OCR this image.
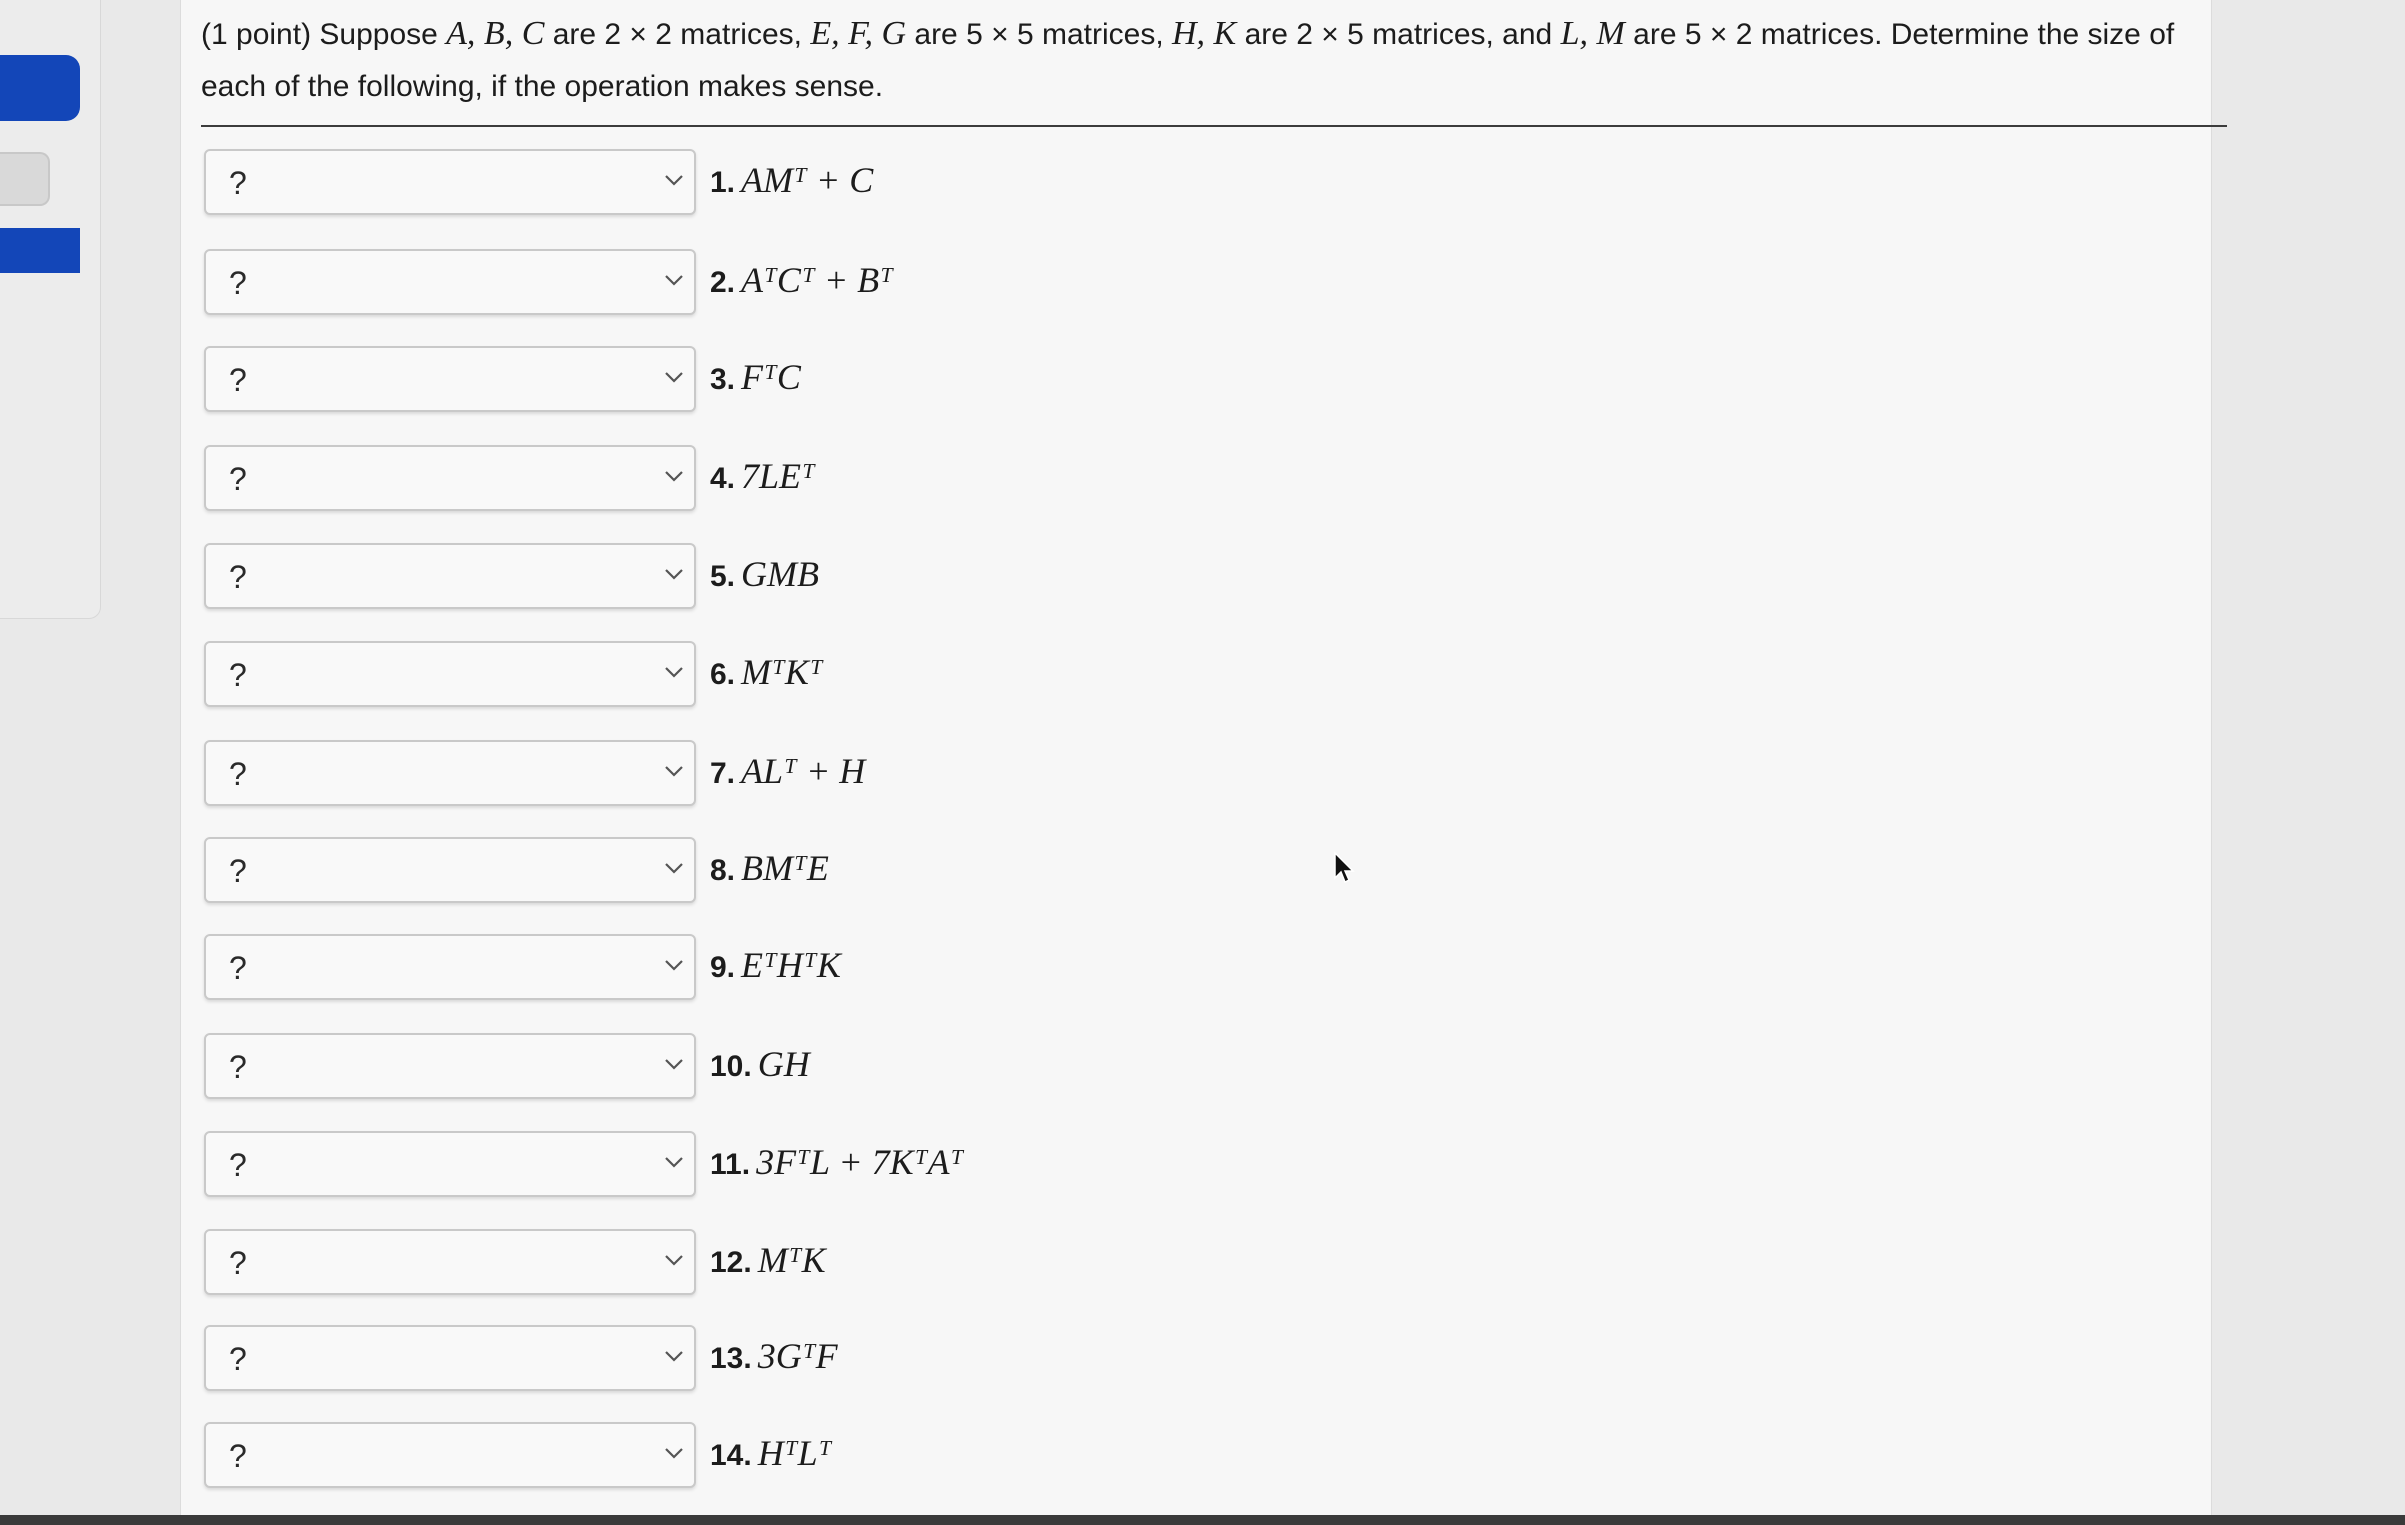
(1 point) Suppose A, B, C are 2 × 2 matrices, E, F, G are 5 × 5 matrices, H, K are 2 × 5 matrices, and L, M are 5 × 2 matrices. Determine the size of each of the following, if the operation makes sense.
?	1. AMᵀ + C
?	2. AᵀCᵀ + Bᵀ
?	3. FᵀC
?	4. 7LEᵀ
?	5. GMB
?	6. MᵀKᵀ
?	7. ALᵀ + H
?	8. BMᵀE
?	9. EᵀHᵀK
?	10. GH
?	11. 3FᵀL + 7KᵀAᵀ
?	12. MᵀK
?	13. 3GᵀF
?	14. HᵀLᵀ
